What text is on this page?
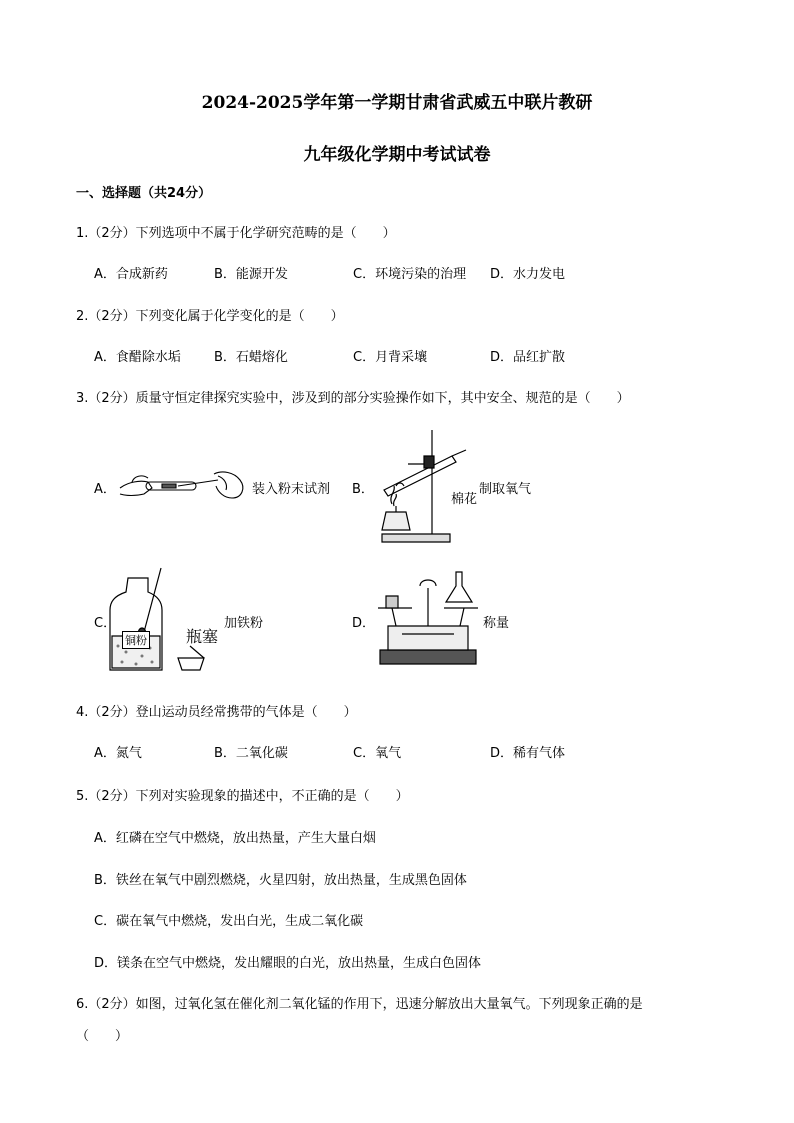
2024-2025学年第一学期甘肃省武威五中联片教研
九年级化学期中考试试卷
一、选择题（共24分）
1.（2分）下列选项中不属于化学研究范畴的是（　　）
A．合成新药	B．能源开发	C．环境污染的治理 D．水力发电
2.（2分）下列变化属于化学变化的是（　　）
A．食醋除水垢	B．石蜡熔化	C．月背采壤	D．品红扩散
3.（2分）质量守恒定律探究实验中，涉及到的部分实验操作如下，其中安全、规范的是（　　）
A．	装入粉末试剂 B．
棉花
制取氧气
C．
铜粉 瓶塞
加铁粉	D．	称量
4.（2分）登山运动员经常携带的气体是（　　）
A．氮气	B．二氧化碳	C．氧气	D．稀有气体
5.（2分）下列对实验现象的描述中，不正确的是（　　）
A．红磷在空气中燃烧，放出热量，产生大量白烟
B．铁丝在氧气中剧烈燃烧，火星四射，放出热量，生成黑色固体
C．碳在氧气中燃烧，发出白光，生成二氧化碳
D．镁条在空气中燃烧，发出耀眼的白光，放出热量，生成白色固体
6.（2分）如图，过氧化氢在催化剂二氧化锰的作用下，迅速分解放出大量氧气。下列现象正确的是
（　　）
